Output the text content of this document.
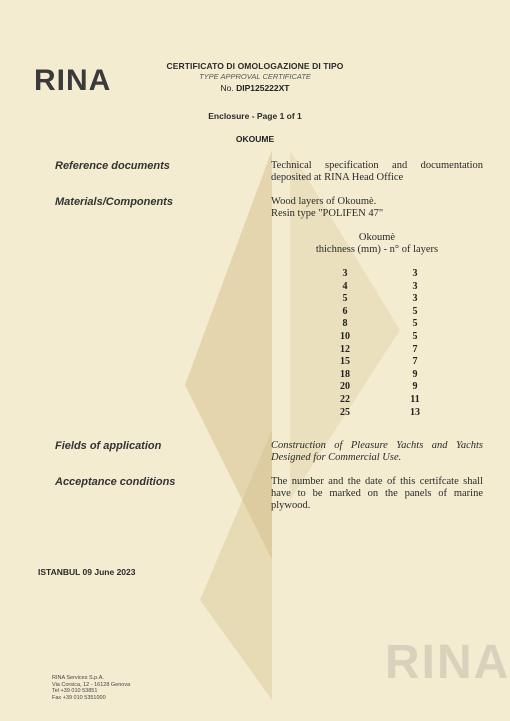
RINA	CERTIFICATO DI OMOLOGAZIONE DI TIPO
TYPE APPROVAL CERTIFICATE
No. DIP125222XT
Enclosure - Page 1 of 1
OKOUME
Reference documents	Technical specification and documentation deposited at RINA Head Office
Materials/Components	Wood layers of Okoumè.
Resin type "POLIFEN 47"
Okoumè
thichness (mm) - n° of layers
3	3
4	3
5	3
6	5
8	5
10	5
12	7
15	7
18	9
20	9
22	11
25	13
Fields of application	Construction of Pleasure Yachts and Yachts Designed for Commercial Use.
Acceptance conditions	The number and the date of this certifcate shall have to be marked on the panels of marine plywood.
ISTANBUL 09 June 2023
RINA Services S.p.A.
Via Corsica, 12 - 16128 Genova
Tel +39 010 53851
Fax +39 010 5351000
RINA
